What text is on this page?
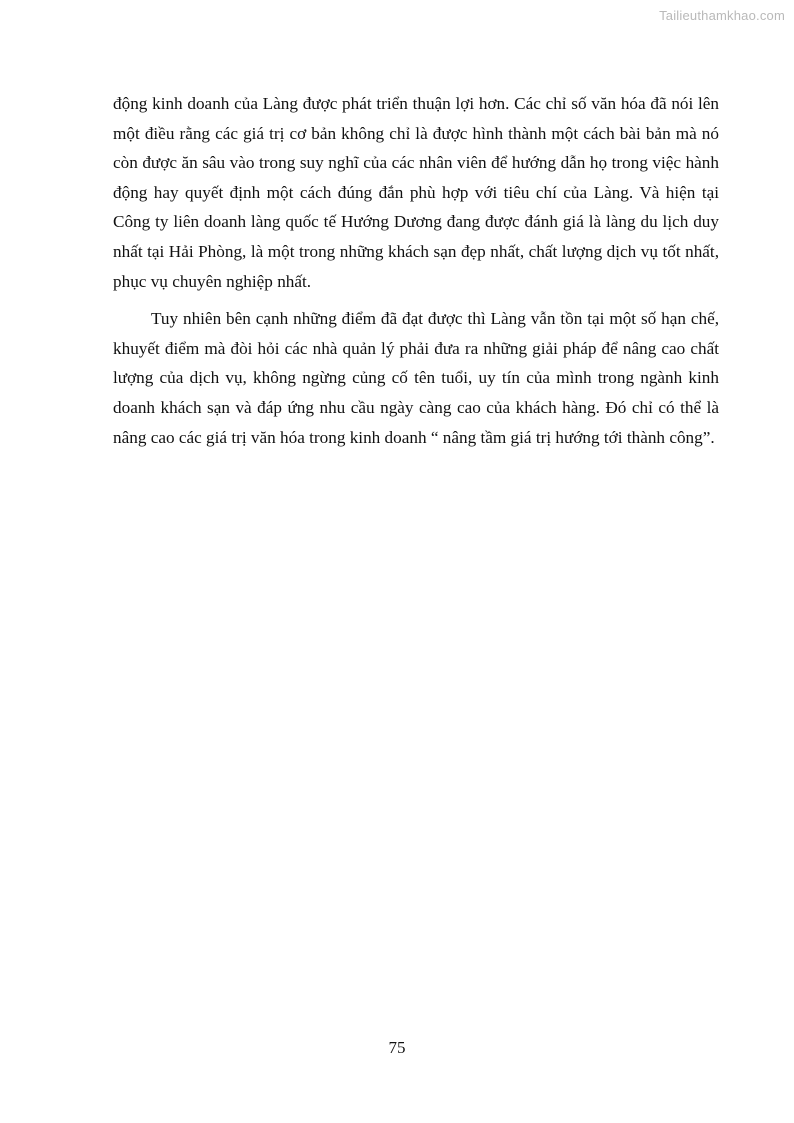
Tailieuthamkhao.com

động kinh doanh của Làng được phát triển thuận lợi hơn. Các chỉ số văn hóa đã nói lên một điều rằng các giá trị cơ bản không chỉ là được hình thành một cách bài bản mà nó còn được ăn sâu vào trong suy nghĩ của các nhân viên để hướng dẫn họ trong việc hành động hay quyết định một cách đúng đắn phù hợp với tiêu chí của Làng. Và hiện tại Công ty liên doanh làng quốc tế Hướng Dương đang được đánh giá là làng du lịch duy nhất tại Hải Phòng, là một trong những khách sạn đẹp nhất, chất lượng dịch vụ tốt nhất, phục vụ chuyên nghiệp nhất.

Tuy nhiên bên cạnh những điểm đã đạt được thì Làng vẫn tồn tại một số hạn chế, khuyết điểm mà đòi hỏi các nhà quản lý phải đưa ra những giải pháp để nâng cao chất lượng của dịch vụ, không ngừng củng cố tên tuổi, uy tín của mình trong ngành kinh doanh khách sạn và đáp ứng nhu cầu ngày càng cao của khách hàng. Đó chỉ có thể là nâng cao các giá trị văn hóa trong kinh doanh “ nâng tầm giá trị hướng tới thành công”.

75
